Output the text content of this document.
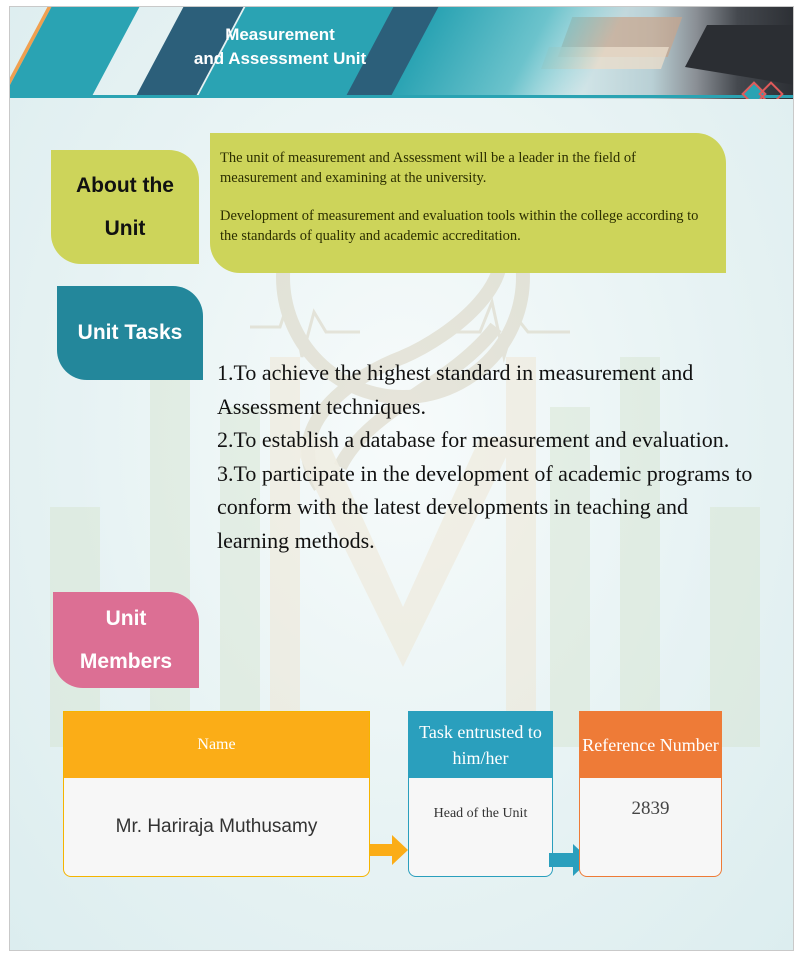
Measurement
and Assessment Unit
About the
Unit

The unit of measurement and Assessment will be a leader in the field of measurement and examining at the university.

Development of measurement and evaluation tools within the college according to the standards of quality and academic accreditation.

Unit Tasks
1.To achieve the highest standard in measurement and Assessment techniques.
2.To establish a database for measurement and evaluation.
3.To participate in the development of academic programs to conform with the latest developments in teaching and learning methods.
Unit
Members
Name
Mr. Hariraja Muthusamy
Task entrusted to him/her
Head of the Unit
Reference Number
2839
